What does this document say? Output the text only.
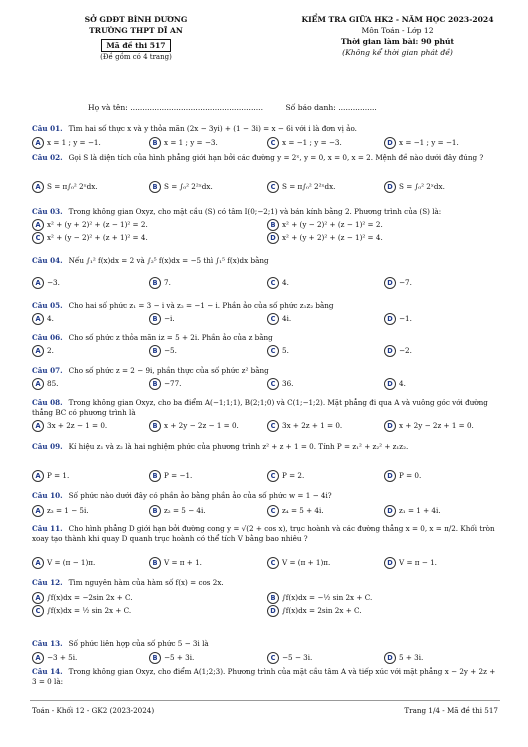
SỞ GDĐT BÌNH DƯƠNG
TRƯỜNG THPT DĨ AN
Mã đề thi 517
(Đề gồm có 4 trang)
KIỂM TRA GIỮA HK2 - NĂM HỌC 2023-2024
Môn Toán - Lớp 12
Thời gian làm bài: 90 phút
(Không kể thời gian phát đề)
Họ và tên: .......................................................	Số báo danh: ................
Câu 01. Tìm hai số thực x và y thỏa mãn (2x − 3yi) + (1 − 3i) = x − 6i với i là đơn vị ảo.
A x = 1 ; y = −1.	B x = 1 ; y = −3.	C x = −1 ; y = −3.	D x = −1 ; y = −1.
Câu 02. Gọi S là diện tích của hình phẳng giới hạn bởi các đường y = 2ˣ, y = 0, x = 0, x = 2. Mệnh đề nào dưới đây đúng ?
A S = π∫₀² 2ˣdx.	B S = ∫₀² 2²ˣdx.	C S = π∫₀² 2²ˣdx.	D S = ∫₀² 2ˣdx.
Câu 03. Trong không gian Oxyz, cho mặt cầu (S) có tâm I(0;−2;1) và bán kính bằng 2. Phương trình của (S) là:
A x² + (y + 2)² + (z − 1)² = 2.	B x² + (y − 2)² + (z − 1)² = 2.
C x² + (y − 2)² + (z + 1)² = 4.	D x² + (y + 2)² + (z − 1)² = 4.
Câu 04. Nếu ∫₁² f(x)dx = 2 và ∫₂⁵ f(x)dx = −5 thì ∫₁⁵ f(x)dx bằng
A −3.	B 7.	C 4.	D −7.
Câu 05. Cho hai số phức z₁ = 3 − i và z₂ = −1 − i. Phần ảo của số phức z₁z₂ bằng
A 4.	B −i.	C 4i.	D −1.
Câu 06. Cho số phức z thỏa mãn iz = 5 + 2i. Phần ảo của z bằng
A 2.	B −5.	C 5.	D −2.
Câu 07. Cho số phức z = 2 − 9i, phần thực của số phức z² bằng
A 85.	B −77.	C 36.	D 4.
Câu 08. Trong không gian Oxyz, cho ba điểm A(−1;1;1), B(2;1;0) và C(1;−1;2). Mặt phẳng đi qua A và vuông góc với đường thẳng BC có phương trình là
A 3x + 2z − 1 = 0.	B x + 2y − 2z − 1 = 0.	C 3x + 2z + 1 = 0.	D x + 2y − 2z + 1 = 0.
Câu 09. Kí hiệu z₁ và z₂ là hai nghiệm phức của phương trình z² + z + 1 = 0. Tính P = z₁² + z₂² + z₁z₂.
A P = 1.	B P = −1.	C P = 2.	D P = 0.
Câu 10. Số phức nào dưới đây có phần ảo bằng phần ảo của số phức w = 1 − 4i?
A z₃ = 1 − 5i.	B z₂ = 5 − 4i.	C z₄ = 5 + 4i.	D z₁ = 1 + 4i.
Câu 11. Cho hình phẳng D giới hạn bởi đường cong y = √(2 + cos x), trục hoành và các đường thẳng x = 0, x = π/2. Khối tròn xoay tạo thành khi quay D quanh trục hoành có thể tích V bằng bao nhiêu ?
A V = (π − 1)π.	B V = π + 1.	C V = (π + 1)π.	D V = π − 1.
Câu 12. Tìm nguyên hàm của hàm số f(x) = cos 2x.
A ∫f(x)dx = −2sin 2x + C.	B ∫f(x)dx = −½ sin 2x + C.
C ∫f(x)dx = ½ sin 2x + C.	D ∫f(x)dx = 2sin 2x + C.
Câu 13. Số phức liên hợp của số phức 5 − 3i là
A −3 + 5i.	B −5 + 3i.	C −5 − 3i.	D 5 + 3i.
Câu 14. Trong không gian Oxyz, cho điểm A(1;2;3). Phương trình của mặt cầu tâm A và tiếp xúc với mặt phẳng x − 2y + 2z + 3 = 0 là:
Toán - Khối 12 - GK2 (2023-2024)	Trang 1/4 - Mã đề thi 517
